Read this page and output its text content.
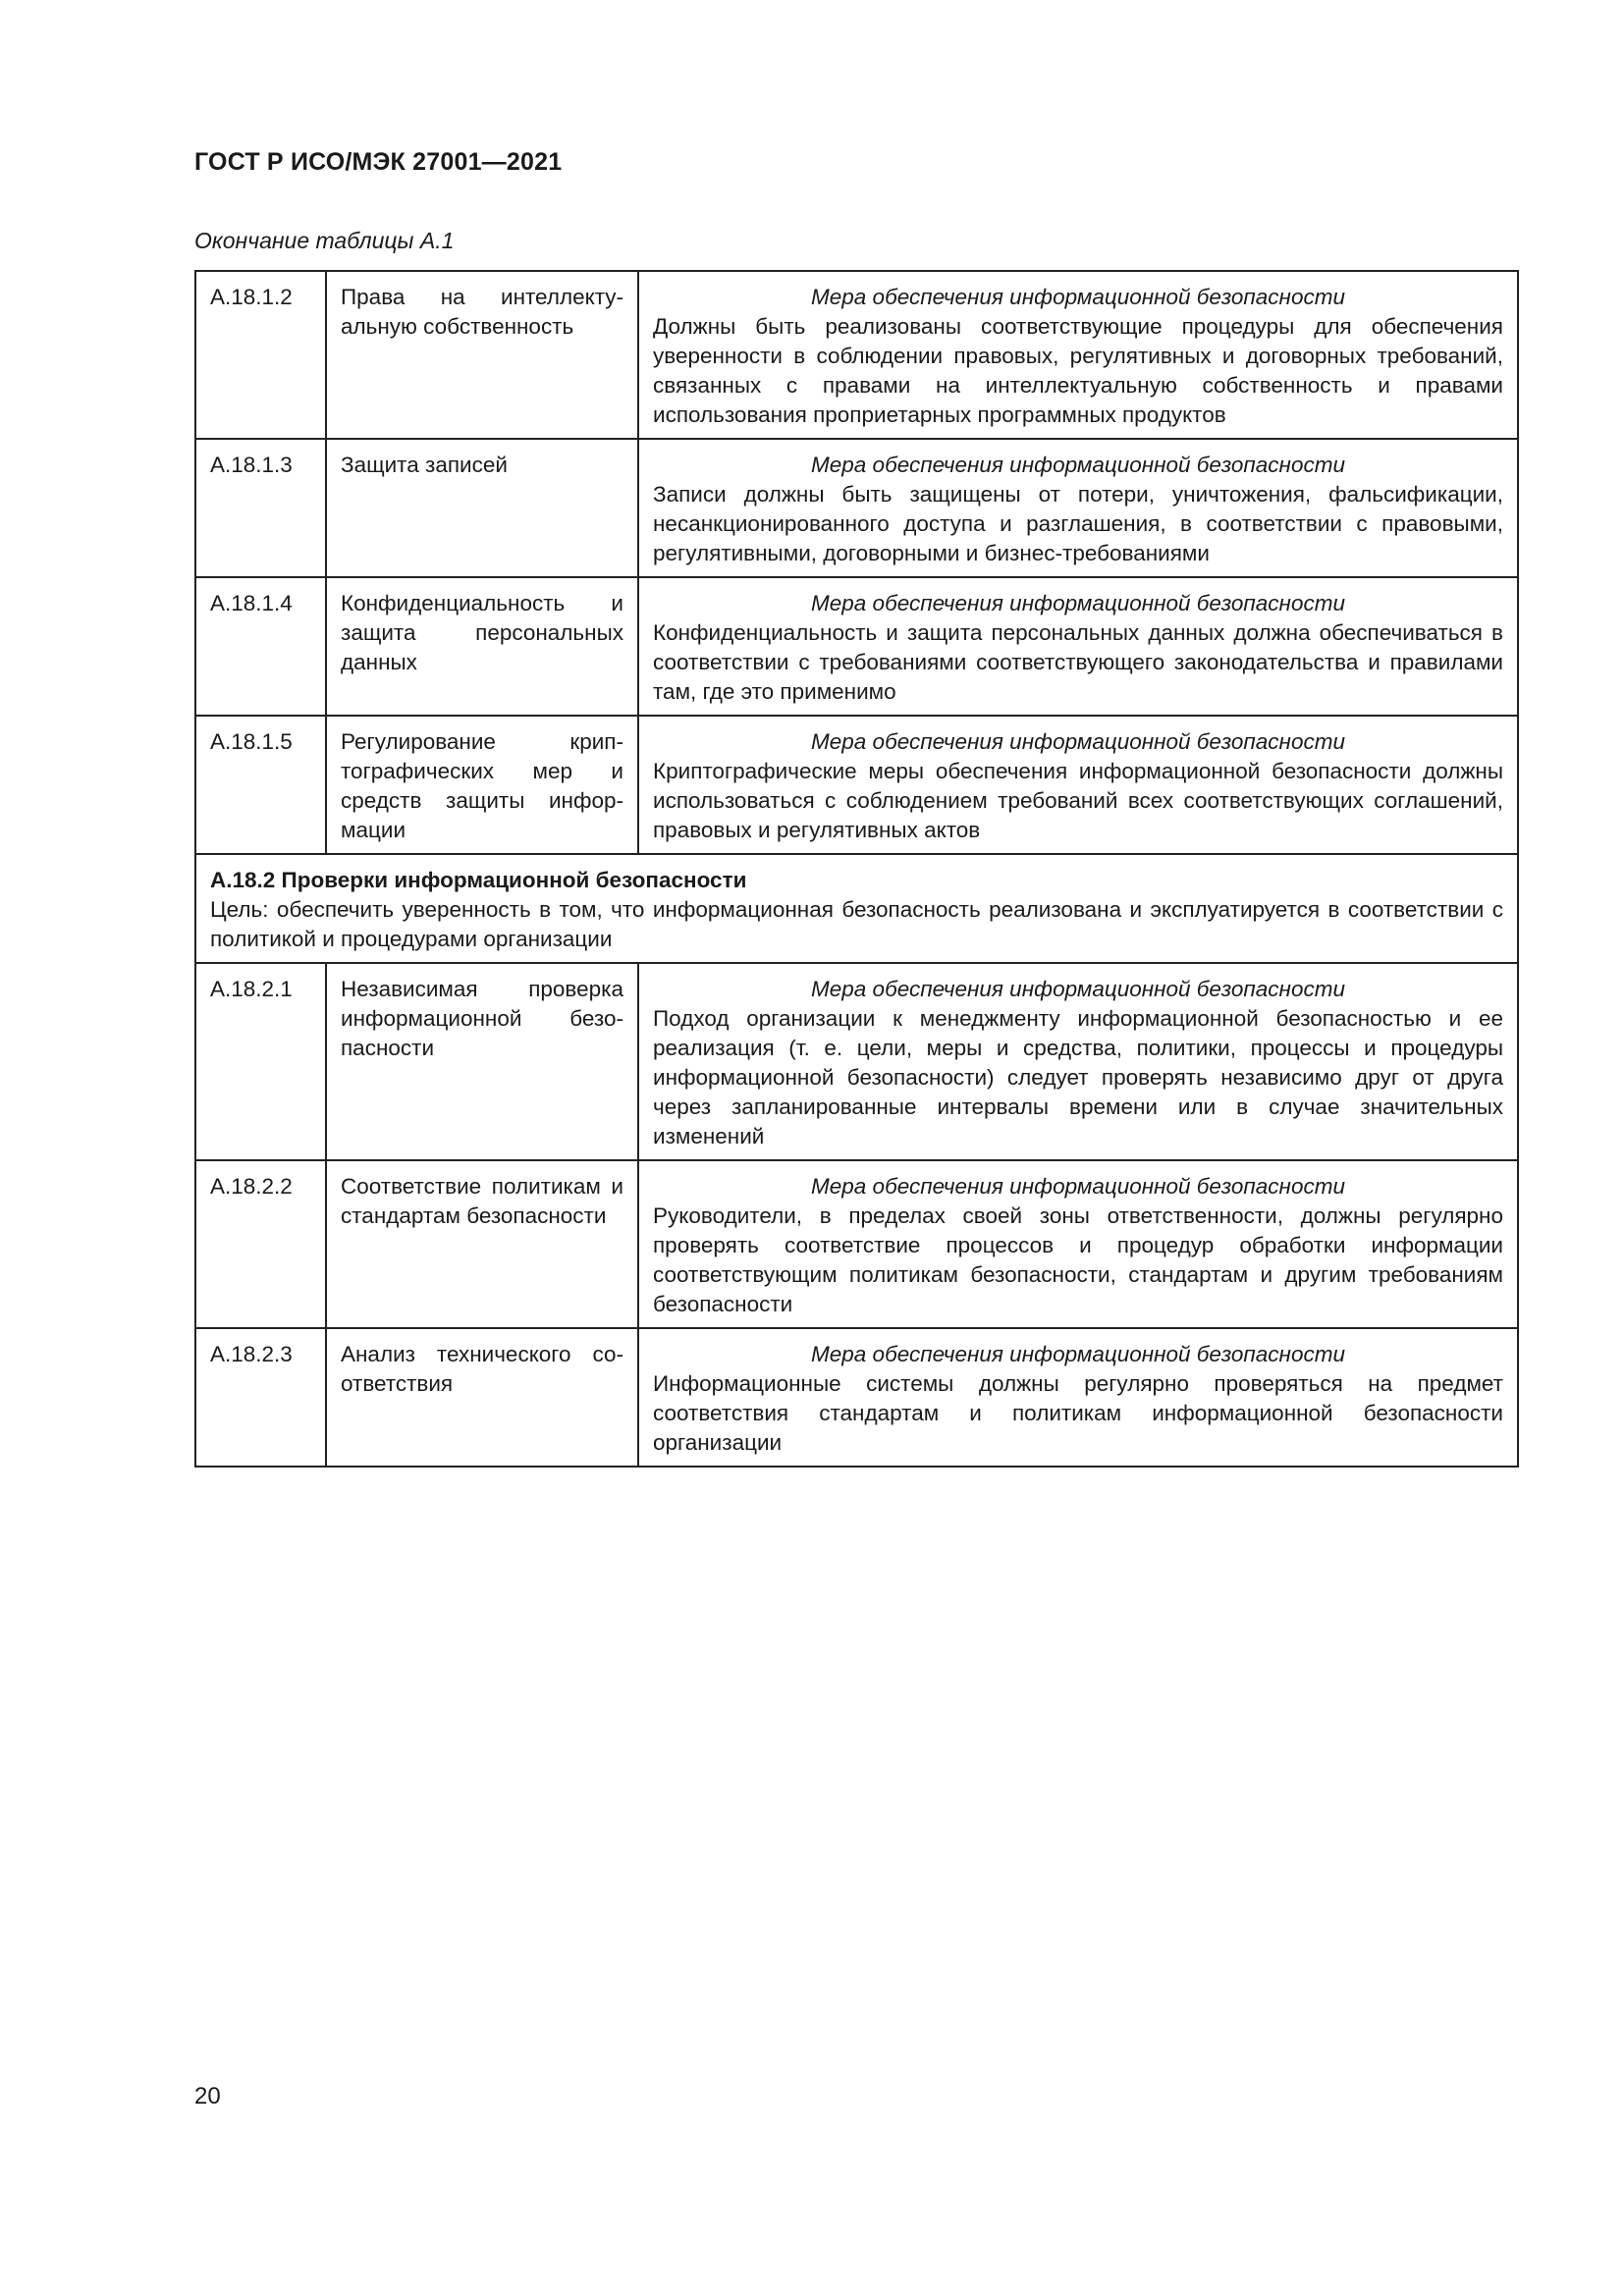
ГОСТ Р ИСО/МЭК 27001—2021
Окончание таблицы А.1
А.18.1.2	Права на интеллектуальную собственность	Мера обеспечения информационной безопасности
Должны быть реализованы соответствующие процедуры для обеспечения уверенности в соблюдении правовых, регулятивных и договорных требований, связанных с правами на интеллектуальную собственность и правами использования проприетарных программных продуктов

А.18.1.3	Защита записей	Мера обеспечения информационной безопасности
Записи должны быть защищены от потери, уничтожения, фальсификации, несанкционированного доступа и разглашения, в соответствии с правовыми, регулятивными, договорными и бизнес-требованиями

А.18.1.4	Конфиденциальность и защита персональных данных	Мера обеспечения информационной безопасности
Конфиденциальность и защита персональных данных должна обеспечиваться в соответствии с требованиями соответствующего законодательства и правилами там, где это применимо

А.18.1.5	Регулирование криптографических мер и средств защиты информации	Мера обеспечения информационной безопасности
Криптографические меры обеспечения информационной безопасности должны использоваться с соблюдением требований всех соответствующих соглашений, правовых и регулятивных актов

А.18.2 Проверки информационной безопасности
Цель: обеспечить уверенность в том, что информационная безопасность реализована и эксплуатируется в соответствии с политикой и процедурами организации		

А.18.2.1	Независимая проверка информационной безопасности	Мера обеспечения информационной безопасности
Подход организации к менеджменту информационной безопасностью и ее реализация (т. е. цели, меры и средства, политики, процессы и процедуры информационной безопасности) следует проверять независимо друг от друга через запланированные интервалы времени или в случае значительных изменений

А.18.2.2	Соответствие политикам и стандартам безопасности	Мера обеспечения информационной безопасности
Руководители, в пределах своей зоны ответственности, должны регулярно проверять соответствие процессов и процедур обработки информации соответствующим политикам безопасности, стандартам и другим требованиям безопасности

А.18.2.3	Анализ технического соответствия	Мера обеспечения информационной безопасности
Информационные системы должны регулярно проверяться на предмет соответствия стандартам и политикам информационной безопасности организации
20
